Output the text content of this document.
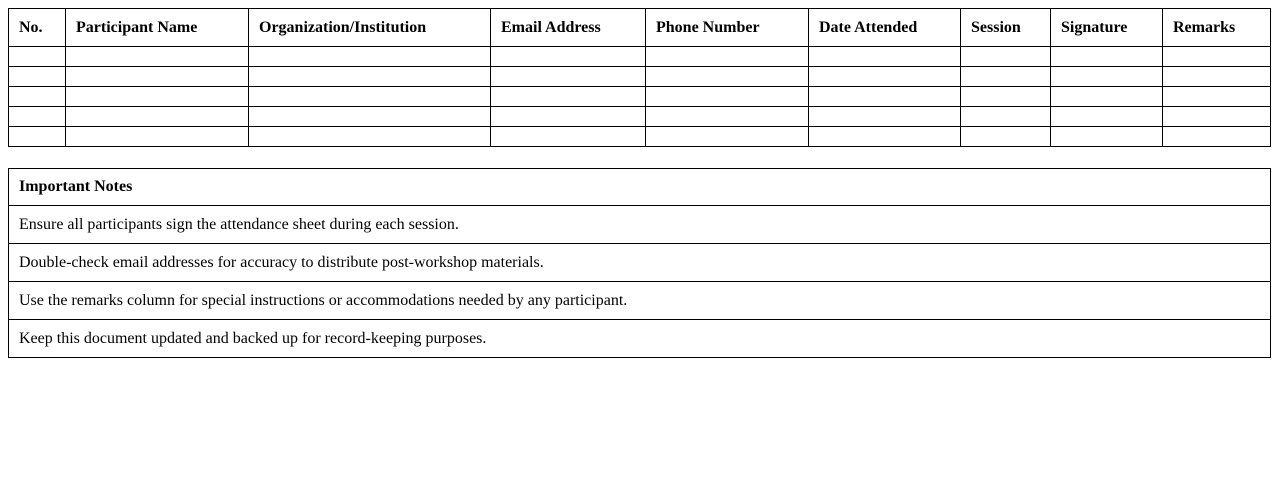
No.	Participant Name	Organization/Institution	Email Address	Phone Number	Date Attended	Session	Signature	Remarks

Important Notes
Ensure all participants sign the attendance sheet during each session.
Double-check email addresses for accuracy to distribute post-workshop materials.
Use the remarks column for special instructions or accommodations needed by any participant.
Keep this document updated and backed up for record-keeping purposes.
